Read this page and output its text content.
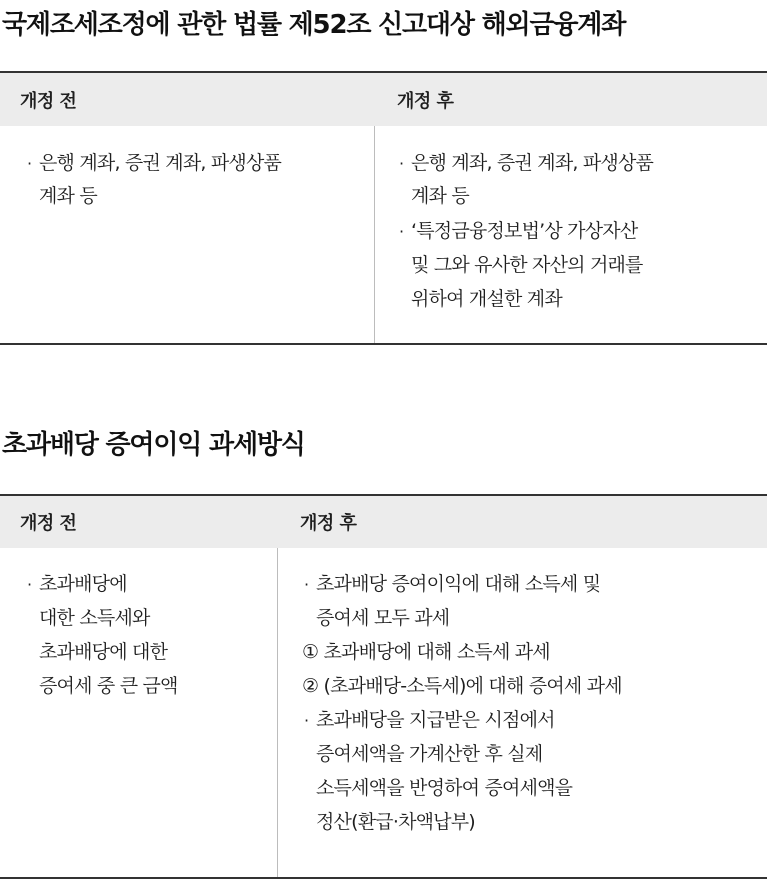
국제조세조정에 관한 법률 제52조 신고대상 해외금융계좌
개정 전	개정 후
· 은행 계좌, 증권 계좌, 파생상품
계좌 등
· 은행 계좌, 증권 계좌, 파생상품
계좌 등
· ‘특정금융정보법’상 가상자산
및 그와 유사한 자산의 거래를
위하여 개설한 계좌
초과배당 증여이익 과세방식
개정 전	개정 후
· 초과배당에
대한 소득세와
초과배당에 대한
증여세 중 큰 금액
· 초과배당 증여이익에 대해 소득세 및
증여세 모두 과세
① 초과배당에 대해 소득세 과세
② (초과배당-소득세)에 대해 증여세 과세
· 초과배당을 지급받은 시점에서
증여세액을 가계산한 후 실제
소득세액을 반영하여 증여세액을
정산(환급·차액납부)
